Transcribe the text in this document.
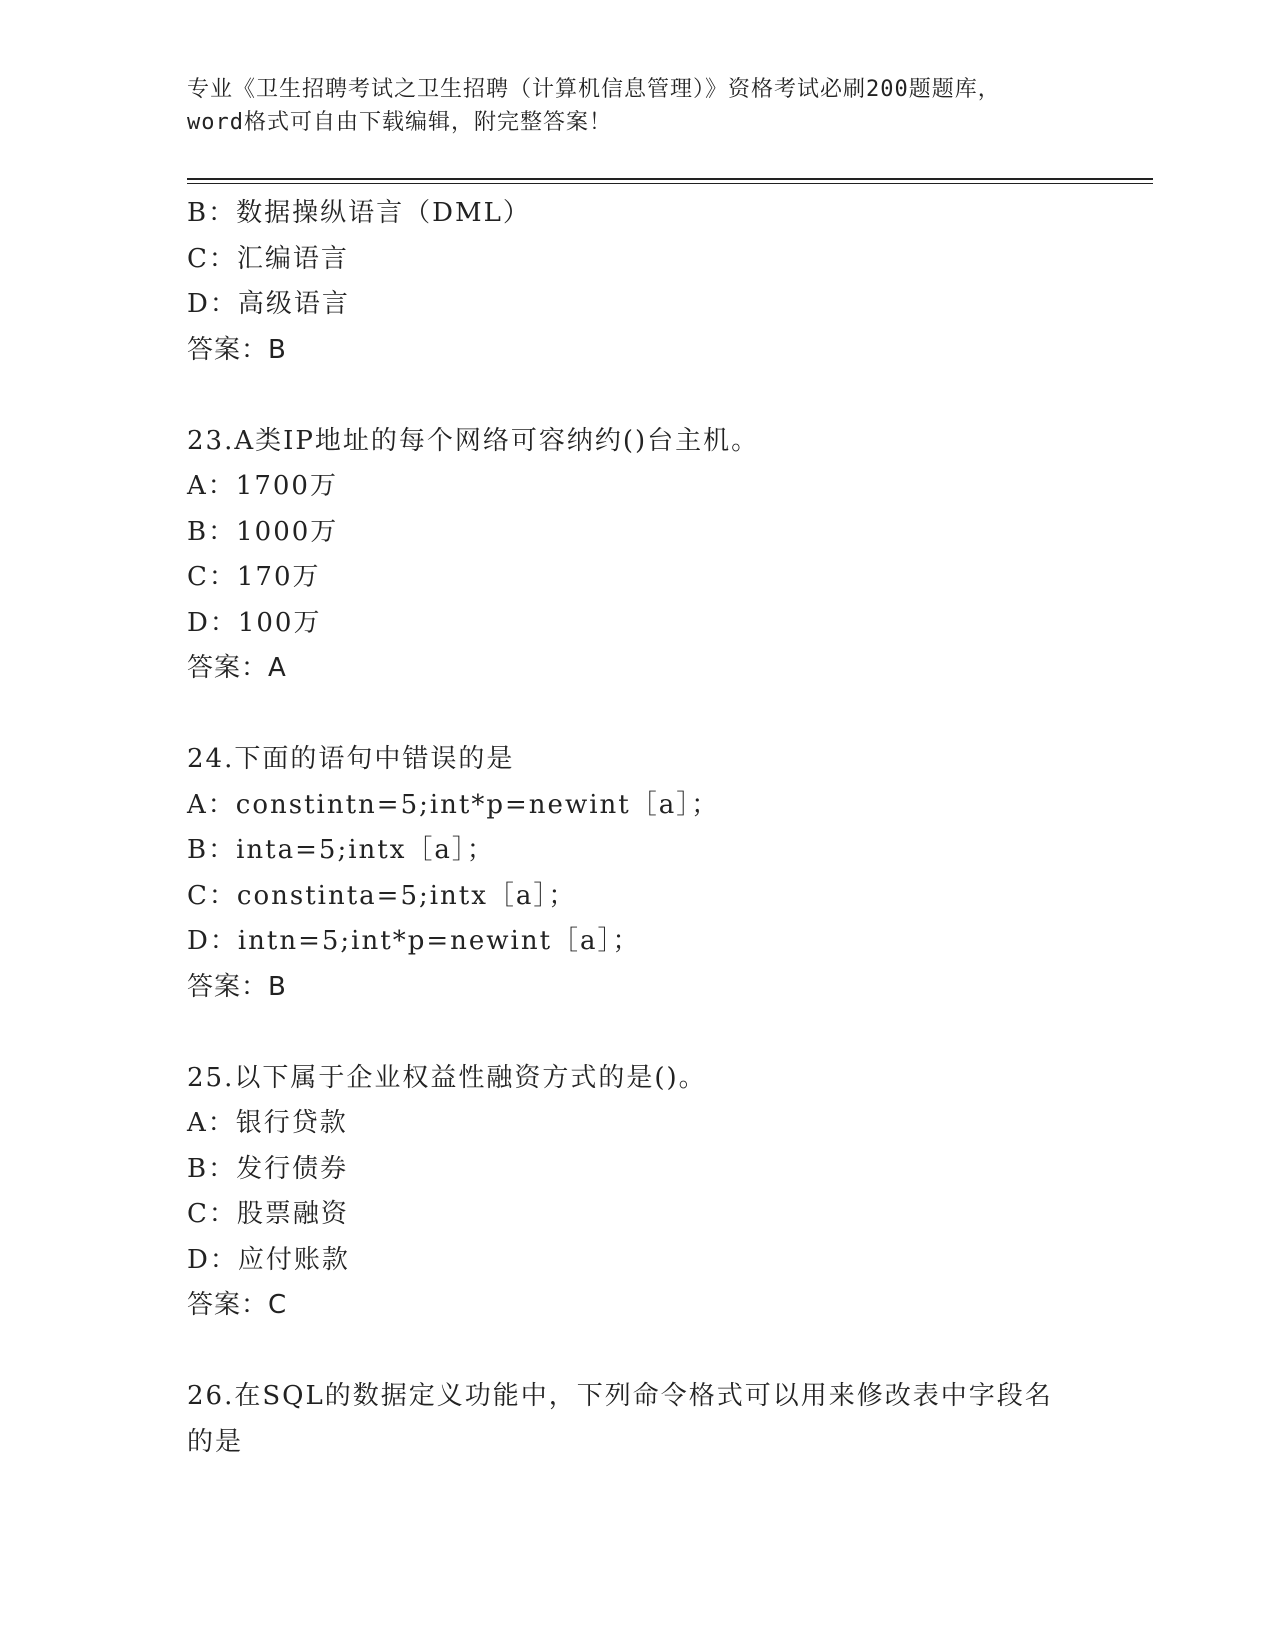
专业《卫生招聘考试之卫生招聘（计算机信息管理）》资格考试必刷200题题库，
word格式可自由下载编辑，附完整答案！
B：数据操纵语言（DML）
C：汇编语言
D：高级语言
答案：B
23.A类IP地址的每个网络可容纳约()台主机。
A：1700万
B：1000万
C：170万
D：100万
答案：A
24.下面的语句中错误的是
A：constintn=5;int*p=newint［a］；
B：inta=5;intx［a］；
C：constinta=5;intx［a］；
D：intn=5;int*p=newint［a］；
答案：B
25.以下属于企业权益性融资方式的是()。
A：银行贷款
B：发行债券
C：股票融资
D：应付账款
答案：C
26.在SQL的数据定义功能中，下列命令格式可以用来修改表中字段名
的是
